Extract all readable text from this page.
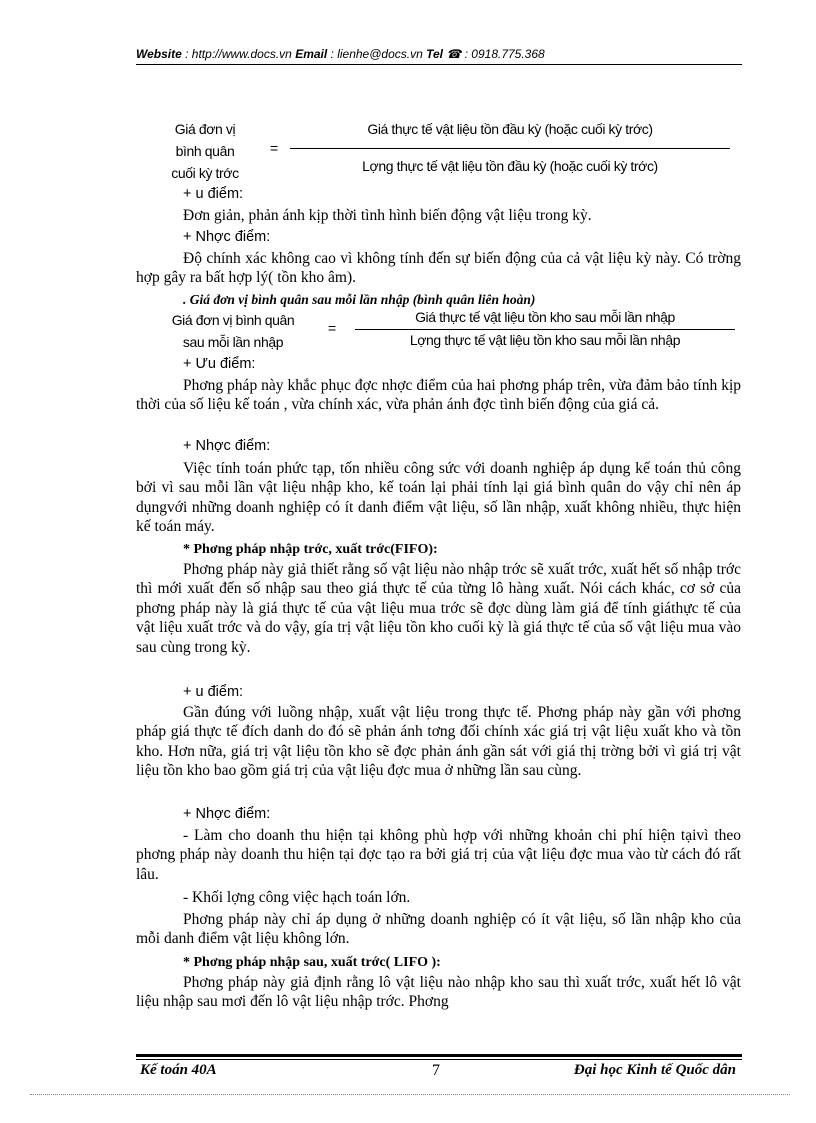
Website : http://www.docs.vn Email : lienhe@docs.vn Tel ☎ : 0918.775.368
Giá đơn vị
bình quân
cuối kỳ trớc
=
Giá thực tế vật liệu tồn đầu kỳ (hoặc cuối kỳ trớc)
Lợng thực tế vật liệu tồn đầu kỳ (hoặc cuối kỳ trớc)
+ u điểm:
Đơn giản, phản ánh kịp thời tình hình biến động vật liệu trong kỳ.
+ Nhợc điểm:
Độ chính xác không cao vì không tính đến sự biến động của cả vật liệu kỳ này. Có trờng hợp gây ra bất hợp lý( tồn kho âm).
. Giá đơn vị bình quân sau mỗi lần nhập (bình quân liên hoàn)
Giá đơn vị bình quân
sau mỗi lần nhập
=
Giá thực tế vật liệu tồn kho sau mỗi lần nhập
Lợng thực tế vật liệu tồn kho sau mỗi lần nhập
+ Ưu điểm:
Phơng pháp này khắc phục đợc nhợc điểm của hai phơng pháp trên, vừa đảm bảo tính kịp thời của số liệu kế toán , vừa chính xác, vừa phản ánh đợc tình biến động của giá cả.
+ Nhợc điểm:
Việc tính toán phức tạp, tốn nhiều công sức với doanh nghiệp áp dụng kế toán thủ công bởi vì sau mỗi lần vật liệu nhập kho, kế toán lại phải tính lại giá bình quân do vậy chỉ nên áp dụngvới những doanh nghiệp có ít danh điểm vật liệu, số lần nhập, xuất không nhiều, thực hiện kế toán máy.
* Phơng pháp nhập trớc, xuất trớc(FIFO):
Phơng pháp này giả thiết rằng số vật liệu nào nhập trớc sẽ xuất trớc, xuất hết số nhập trớc thì mới xuất đến số nhập sau theo giá thực tế của từng lô hàng xuất. Nói cách khác, cơ sở của phơng pháp này là giá thực tế của vật liệu mua trớc sẽ đợc dùng làm giá để tính giáthực tế của vật liệu xuất trớc và do vậy, gía trị vật liệu tồn kho cuối kỳ là giá thực tế của số vật liệu mua vào sau cùng trong kỳ.
+ u điểm:
Gần đúng với luồng nhập, xuất vật liệu trong thực tế. Phơng pháp này gần với phơng pháp giá thực tế đích danh do đó sẽ phản ánh tơng đối chính xác giá trị vật liệu xuất kho và tồn kho. Hơn nữa, giá trị vật liệu tồn kho sẽ đợc phản ánh gần sát với giá thị trờng bởi vì giá trị vật liệu tồn kho bao gồm giá trị của vật liệu đợc mua ở những lần sau cùng.
+ Nhợc điểm:
- Làm cho doanh thu hiện tại không phù hợp với những khoản chi phí hiện tạivì theo phơng pháp này doanh thu hiện tại đợc tạo ra bởi giá trị của vật liệu đợc mua vào từ cách đó rất lâu.
- Khối lợng công việc hạch toán lớn.
Phơng pháp này chỉ áp dụng ở những doanh nghiệp có ít vật liệu, số lần nhập kho của mỗi danh điểm vật liệu không lớn.
* Phơng pháp nhập sau, xuất trớc( LIFO ):
Phơng pháp này giả định rằng lô vật liệu nào nhập kho sau thì xuất trớc, xuất hết lô vật liệu nhập sau mơi đến lô vật liệu nhập trớc. Phơng
Kế toán 40A	7	Đại học Kinh tế Quốc dân
